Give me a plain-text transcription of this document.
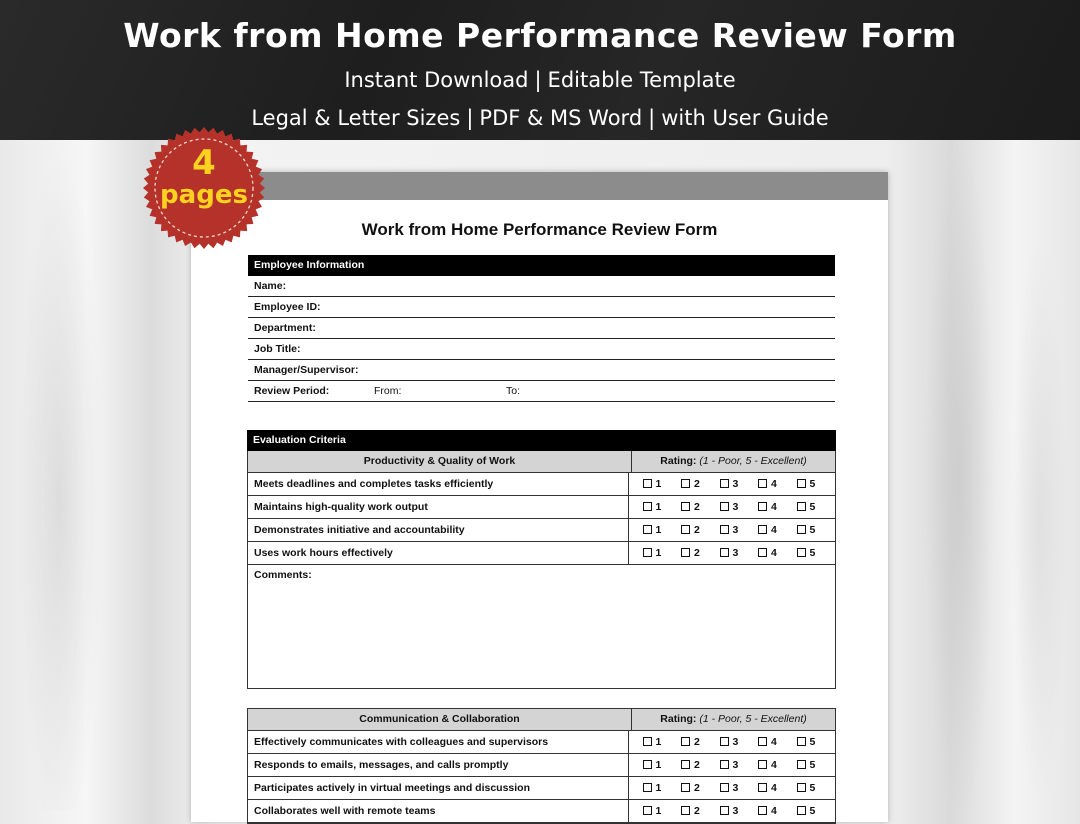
Work from Home Performance Review Form
Instant Download | Editable Template
Legal & Letter Sizes | PDF & MS Word | with User Guide
Work from Home Performance Review Form
Employee Information
Name:
Employee ID:
Department:
Job Title:
Manager/Supervisor:
Review Period:	From:	To:
Evaluation Criteria
Productivity & Quality of Work	Rating: (1 - Poor, 5 - Excellent)
Meets deadlines and completes tasks efficiently	1	2	3	4	5
Maintains high-quality work output	1	2	3	4	5
Demonstrates initiative and accountability	1	2	3	4	5
Uses work hours effectively	1	2	3	4	5
Comments:
Communication & Collaboration	Rating: (1 - Poor, 5 - Excellent)
Effectively communicates with colleagues and supervisors	1	2	3	4	5
Responds to emails, messages, and calls promptly	1	2	3	4	5
Participates actively in virtual meetings and discussion	1	2	3	4	5
Collaborates well with remote teams	1	2	3	4	5
4
pages
